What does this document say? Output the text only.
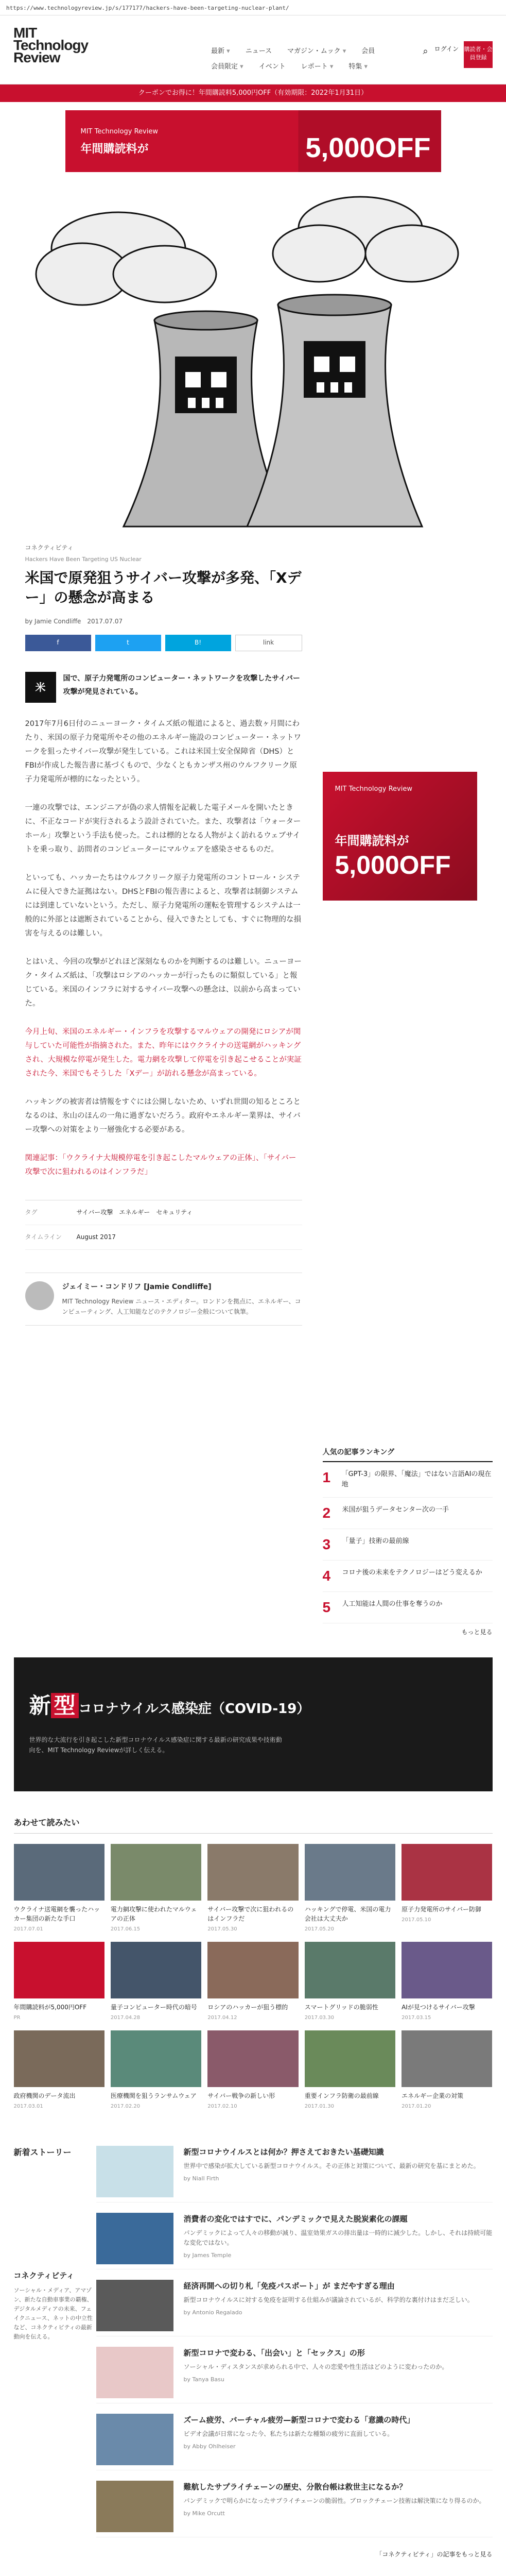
https://www.technologyreview.jp/s/177177/hackers-have-been-targeting-nuclear-plant/
MIT Technology Review	最新 ▾	ニュース マガジン・ムック ▾	会員
会員限定 ▾	イベント レポート ▾	特集 ▾
⌕ ログイン 購読者・会員登録
クーポンでお得に！年間購読料5,000円OFF（有効期限：2022年1月31日）
MIT Technology Review
年間購読料が	5,000OFF
コネクティビティ
Hackers Have Been Targeting US Nuclear
米国で原発狙うサイバー攻撃が多発、「Xデー」の懸念が高まる
by Jamie Condliffe　2017.07.07
f	t	B!	link
米

国で、原子力発電所のコンピューター・ネットワークを攻撃したサイバー攻撃が発見されている。

2017年7月6日付のニューヨーク・タイムズ紙の報道によると、過去数ヶ月間にわたり、米国の原子力発電所やその他のエネルギー施設のコンピューター・ネットワークを狙ったサイバー攻撃が発生している。これは米国土安全保障省（DHS）とFBIが作成した報告書に基づくもので、少なくともカンザス州のウルフクリーク原子力発電所が標的になったという。

一連の攻撃では、エンジニアが偽の求人情報を記載した電子メールを開いたときに、不正なコードが実行されるよう設計されていた。また、攻撃者は「ウォーターホール」攻撃という手法も使った。これは標的となる人物がよく訪れるウェブサイトを乗っ取り、訪問者のコンピューターにマルウェアを感染させるものだ。

といっても、ハッカーたちはウルフクリーク原子力発電所のコントロール・システムに侵入できた証拠はない。DHSとFBIの報告書によると、攻撃者は制御システムには到達していないという。ただし、原子力発電所の運転を管理するシステムは一般的に外部とは遮断されていることから、侵入できたとしても、すぐに物理的な損害を与えるのは難しい。

とはいえ、今回の攻撃がどれほど深刻なものかを判断するのは難しい。ニューヨーク・タイムズ紙は、「攻撃はロシアのハッカーが行ったものに類似している」と報じている。米国のインフラに対するサイバー攻撃への懸念は、以前から高まっていた。

今月上旬、米国のエネルギー・インフラを攻撃するマルウェアの開発にロシアが関与していた可能性が指摘された。また、昨年にはウクライナの送電網がハッキングされ、大規模な停電が発生した。電力網を攻撃して停電を引き起こせることが実証された今、米国でもそうした「Xデー」が訪れる懸念が高まっている。

ハッキングの被害者は情報をすぐには公開しないため、いずれ世間の知るところとなるのは、氷山のほんの一角に過ぎないだろう。政府やエネルギー業界は、サイバー攻撃への対策をより一層強化する必要がある。

関連記事：「ウクライナ大規模停電を引き起こしたマルウェアの正体」、「サイバー攻撃で次に狙われるのはインフラだ」

タグ	サイバー攻撃　エネルギー　セキュリティ
タイムライン	August 2017
ジェイミー・コンドリフ [Jamie Condliffe]
MIT Technology Review ニュース・エディター。ロンドンを拠点に、エネルギー、コンピューティング、人工知能などのテクノロジー全般について執筆。
MIT Technology Review
年間購読料が
5,000OFF
人気の記事ランキング
1	「GPT-3」の限界、「魔法」ではない言語AIの現在地
2	米国が狙うデータセンター次の一手
3	「量子」技術の最前線
4	コロナ後の未来をテクノロジーはどう変えるか
5	人工知能は人間の仕事を奪うのか
もっと見る
新 型 コロナウイルス感染症（COVID-19）
世界的な大流行を引き起こした新型コロナウイルス感染症に関する最新の研究成果や技術動向を、MIT Technology Reviewが詳しく伝える。
あわせて読みたい
ウクライナ送電網を襲ったハッカー集団の新たな手口
2017.07.01
電力網攻撃に使われたマルウェアの正体
2017.06.15
サイバー攻撃で次に狙われるのはインフラだ
2017.05.30
ハッキングで停電、米国の電力会社は大丈夫か
2017.05.20
原子力発電所のサイバー防御
2017.05.10
年間購読料が5,000円OFF
PR
量子コンピューター時代の暗号
2017.04.28
ロシアのハッカーが狙う標的
2017.04.12
スマートグリッドの脆弱性
2017.03.30
AIが見つけるサイバー攻撃
2017.03.15
政府機関のデータ流出
2017.03.01
医療機関を狙うランサムウェア
2017.02.20
サイバー戦争の新しい形
2017.02.10
重要インフラ防衛の最前線
2017.01.30
エネルギー企業の対策
2017.01.20
新着ストーリー	新型コロナウイルスとは何か？押さえておきたい基礎知識
世界中で感染が拡大している新型コロナウイルス。その正体と対策について、最新の研究を基にまとめた。
by Niall Firth
消費者の変化ではすでに、パンデミックで見えた脱炭素化の課題
パンデミックによって人々の移動が減り、温室効果ガスの排出量は一時的に減少した。しかし、それは持続可能な変化ではない。
by James Temple
経済再開への切り札「免疫パスポート」が まだやすぎる理由
新型コロナウイルスに対する免疫を証明する仕組みが議論されているが、科学的な裏付けはまだ乏しい。
by Antonio Regalado
新型コロナで変わる、「出会い」と「セックス」の形
ソーシャル・ディスタンスが求められる中で、人々の恋愛や性生活はどのように変わったのか。
by Tanya Basu
ズーム疲労、バーチャル疲労—新型コロナで変わる「意識の時代」
ビデオ会議が日常になった今、私たちは新たな種類の疲労に直面している。
by Abby Ohlheiser
難航したサプライチェーンの歴史、分散台帳は救世主になるか？
パンデミックで明らかになったサプライチェーンの脆弱性。ブロックチェーン技術は解決策になり得るのか。
by Mike Orcutt
コネクティビティ
ソーシャル・メディア、アマゾン、新たな自動車事業の覇権、デジタルメディアの未来、フェイクニュース、ネットの中立性など、コネクティビティの最新動向を伝える。
「コネクティビティ」の記事をもっと見る
